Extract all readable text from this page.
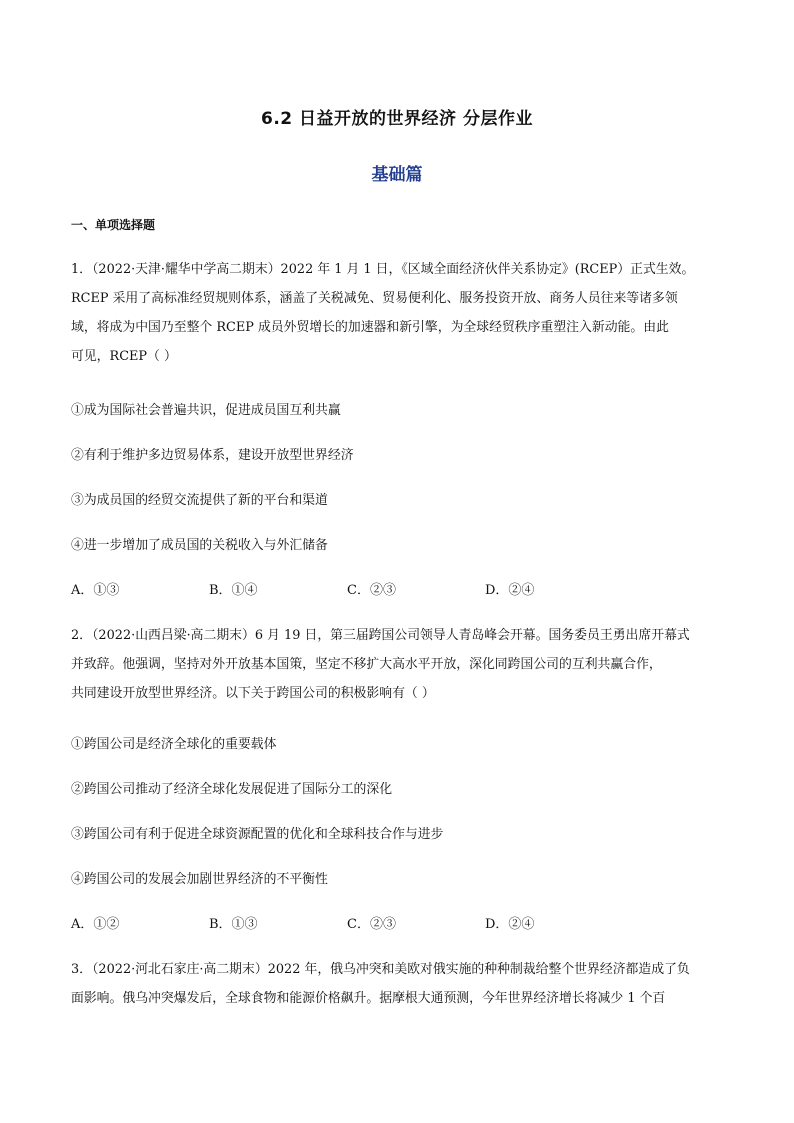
6.2 日益开放的世界经济 分层作业
基础篇
一、单项选择题
1．（2022·天津·耀华中学高二期末）2022 年 1 月 1 日，《区域全面经济伙伴关系协定》(RCEP）正式生效。
RCEP 采用了高标准经贸规则体系，涵盖了关税减免、贸易便利化、服务投资开放、商务人员往来等诸多领
域，将成为中国乃至整个 RCEP 成员外贸增长的加速器和新引擎，为全球经贸秩序重塑注入新动能。由此
可见，RCEP（ ）
①成为国际社会普遍共识，促进成员国互利共赢
②有利于维护多边贸易体系，建设开放型世界经济
③为成员国的经贸交流提供了新的平台和渠道
④进一步增加了成员国的关税收入与外汇储备
A．①③	B．①④	C．②③	D．②④
2．（2022·山西吕梁·高二期末）6 月 19 日，第三届跨国公司领导人青岛峰会开幕。国务委员王勇出席开幕式
并致辞。他强调，坚持对外开放基本国策，坚定不移扩大高水平开放，深化同跨国公司的互利共赢合作，
共同建设开放型世界经济。以下关于跨国公司的积极影响有（ ）
①跨国公司是经济全球化的重要载体
②跨国公司推动了经济全球化发展促进了国际分工的深化
③跨国公司有利于促进全球资源配置的优化和全球科技合作与进步
④跨国公司的发展会加剧世界经济的不平衡性
A．①②	B．①③	C．②③	D．②④
3．（2022·河北石家庄·高二期末）2022 年，俄乌冲突和美欧对俄实施的种种制裁给整个世界经济都造成了负
面影响。俄乌冲突爆发后，全球食物和能源价格飙升。据摩根大通预测，今年世界经济增长将减少 1 个百
